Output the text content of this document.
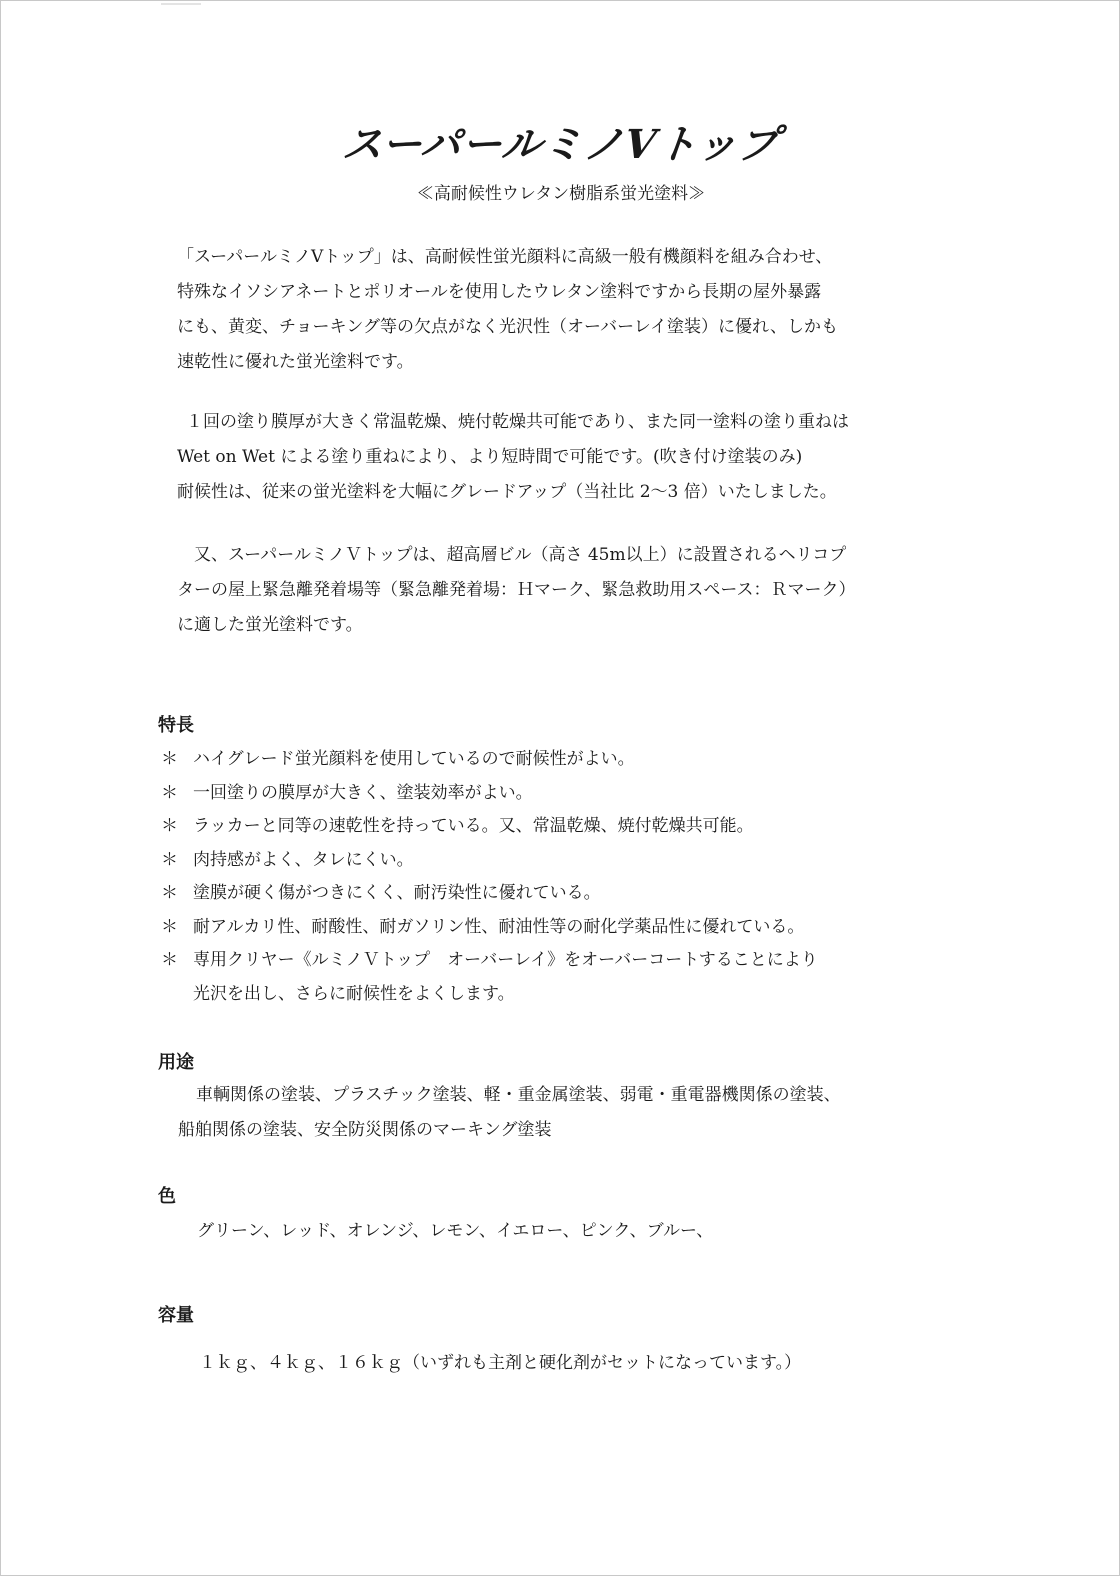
スーパールミノVトップ
≪高耐候性ウレタン樹脂系蛍光塗料≫
「スーパールミノVトップ」は、高耐候性蛍光顔料に高級一般有機顔料を組み合わせ、
特殊なイソシアネートとポリオールを使用したウレタン塗料ですから長期の屋外暴露
にも、黄変、チョーキング等の欠点がなく光沢性（オーバーレイ塗装）に優れ、しかも
速乾性に優れた蛍光塗料です。
１回の塗り膜厚が大きく常温乾燥、焼付乾燥共可能であり、また同一塗料の塗り重ねは
Wet on Wet による塗り重ねにより、より短時間で可能です。(吹き付け塗装のみ)
耐候性は、従来の蛍光塗料を大幅にグレードアップ（当社比 2〜3 倍）いたしました。
又、スーパールミノＶトップは、超高層ビル（高さ 45m以上）に設置されるヘリコプ
ターの屋上緊急離発着場等（緊急離発着場：Ｈマーク、緊急救助用スペース：Ｒマーク）
に適した蛍光塗料です。
特長
＊ ハイグレード蛍光顔料を使用しているので耐候性がよい。
＊ 一回塗りの膜厚が大きく、塗装効率がよい。
＊ ラッカーと同等の速乾性を持っている。又、常温乾燥、焼付乾燥共可能。
＊ 肉持感がよく、タレにくい。
＊ 塗膜が硬く傷がつきにくく、耐汚染性に優れている。
＊ 耐アルカリ性、耐酸性、耐ガソリン性、耐油性等の耐化学薬品性に優れている。
＊ 専用クリヤー《ルミノＶトップ　オーバーレイ》をオーバーコートすることにより
光沢を出し、さらに耐候性をよくします。
用途
車輌関係の塗装、プラスチック塗装、軽・重金属塗装、弱電・重電器機関係の塗装、
船舶関係の塗装、安全防災関係のマーキング塗装
色
グリーン、レッド、オレンジ、レモン、イエロー、ピンク、ブルー、
容量
１ｋｇ、４ｋｇ、１６ｋｇ（いずれも主剤と硬化剤がセットになっています。）
